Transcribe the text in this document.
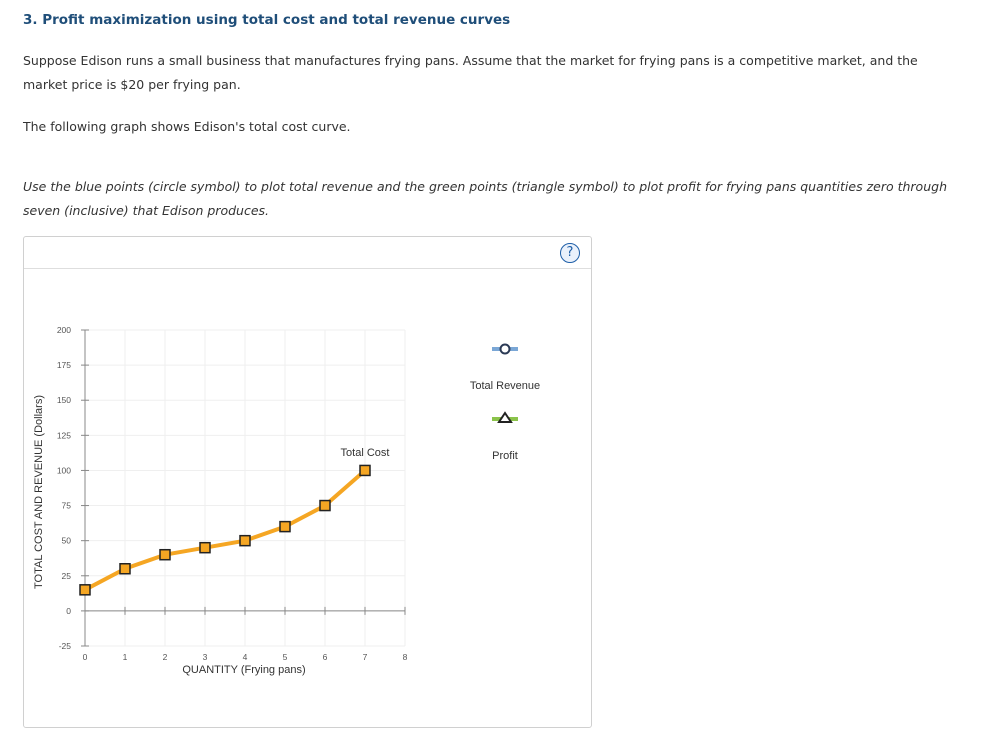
3. Profit maximization using total cost and total revenue curves

Suppose Edison runs a small business that manufactures frying pans. Assume that the market for frying pans is a competitive market, and the market price is $20 per frying pan.

The following graph shows Edison's total cost curve.

Use the blue points (circle symbol) to plot total revenue and the green points (triangle symbol) to plot profit for frying pans quantities zero through seven (inclusive) that Edison produces.

?
-25
0
25
50
75
100
125
150
175
200
0	1	2	3	4	5	6	7	8
QUANTITY (Frying pans)
TOTAL COST AND REVENUE (Dollars)	Total Cost
Total Revenue
Profit
